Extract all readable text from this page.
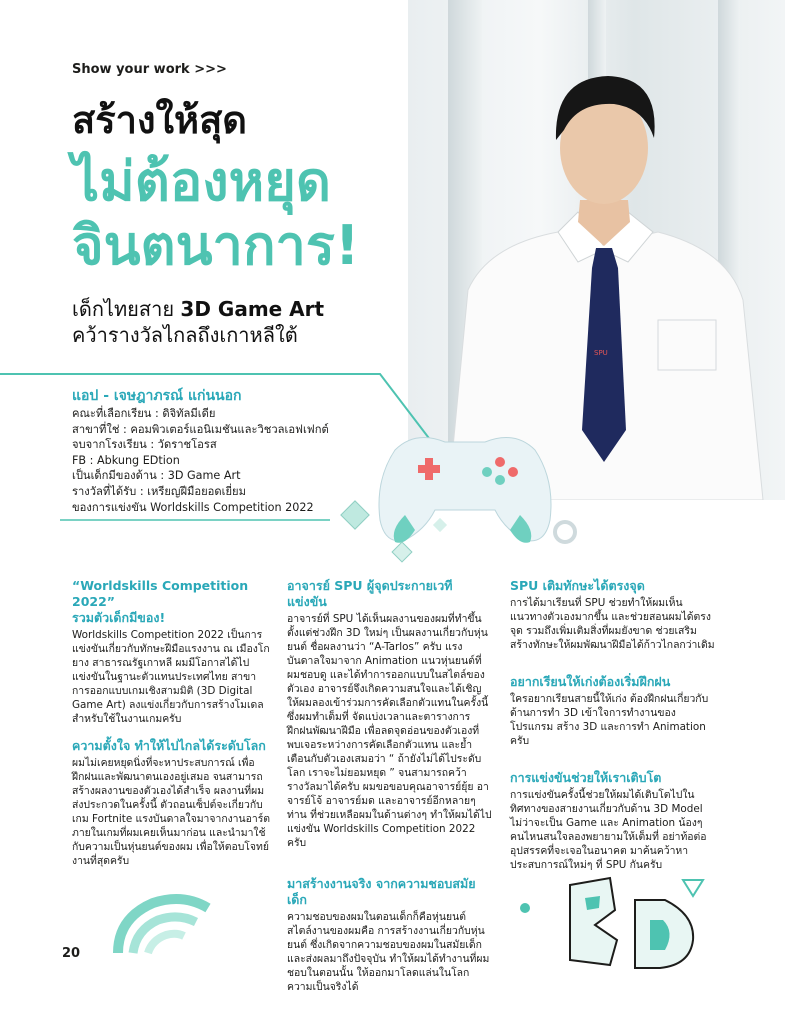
SPU
Show your work >>>
สร้างให้สุด
ไม่ต้องหยุดจินตนาการ!
เด็กไทยสาย 3D Game Art
คว้ารางวัลไกลถึงเกาหลีใต้
แอป - เจษฎาภรณ์ แก่นนอก
คณะที่เลือกเรียน : ดิจิทัลมีเดีย
สาขาที่ใช่ : คอมพิวเตอร์แอนิเมชันและวิชวลเอฟเฟกต์
จบจากโรงเรียน : วัดราชโอรส
FB : Abkung EDtion
เป็นเด็กมีของด้าน : 3D Game Art
รางวัลที่ได้รับ : เหรียญฝีมือยอดเยี่ยม
ของการแข่งขัน Worldskills Competition 2022
“Worldskills Competition 2022”
รวมตัวเด็กมีของ!

Worldskills Competition 2022 เป็นการแข่งขันเกี่ยวกับทักษะฝีมือแรงงาน ณ เมืองโกยาง สาธารณรัฐเกาหลี ผมมีโอกาสได้ไปแข่งขันในฐานะตัวแทนประเทศไทย สาขาการออกแบบเกมเชิงสามมิติ (3D Digital Game Art) ลงแข่งเกี่ยวกับการสร้างโมเดลสำหรับใช้ในงานเกมครับ

ความตั้งใจ ทำให้ไปไกลได้ระดับโลก

ผมไม่เคยหยุดนิ่งที่จะหาประสบการณ์ เพื่อฝึกฝนและพัฒนาตนเองอยู่เสมอ จนสามารถสร้างผลงานของตัวเองได้สำเร็จ ผลงานที่ผมส่งประกวดในครั้งนี้ ตัวถอนเซ็ปต์จะเกี่ยวกับเกม Fortnite แรงบันดาลใจมาจากงานอาร์ตภายในเกมที่ผมเคยเห็นมาก่อน และนำมาใช้กับความเป็นหุ่นยนต์ของผม เพื่อให้ตอบโจทย์งานที่สุดครับ

อาจารย์ SPU ผู้จุดประกายเวทีแข่งขัน

อาจารย์ที่ SPU ได้เห็นผลงานของผมที่ทำขึ้นตั้งแต่ช่วงฝึก 3D ใหม่ๆ เป็นผลงานเกี่ยวกับหุ่นยนต์ ชื่อผลงานว่า “A-Tarlos” ครับ แรงบันดาลใจมาจาก Animation แนวหุ่นยนต์ที่ผมชอบดู และได้ทำการออกแบบในสไตล์ของตัวเอง อาจารย์จึงเกิดความสนใจและได้เชิญให้ผมลองเข้าร่วมการคัดเลือกตัวแทนในครั้งนี้ ซึ่งผมทำเต็มที่ จัดแบ่งเวลาและตารางการฝึกฝนพัฒนาฝีมือ เพื่อลดจุดอ่อนของตัวเองที่พบเจอระหว่างการคัดเลือกตัวแทน และย้ำเตือนกับตัวเองเสมอว่า “ ถ้ายังไม่ได้ไประดับโลก เราจะไม่ยอมหยุด ” จนสามารถคว้ารางวัลมาได้ครับ ผมขอขอบคุณอาจารย์ยุ้ย อาจารย์โจ้ อาจารย์มด และอาจารย์อีกหลายๆ ท่าน ที่ช่วยเหลือผมในด้านต่างๆ ทำให้ผมได้ไปแข่งขัน Worldskills Competition 2022 ครับ

มาสร้างงานจริง จากความชอบสมัยเด็ก

ความชอบของผมในตอนเด็กก็คือหุ่นยนต์ สไตล์งานของผมคือ การสร้างงานเกี่ยวกับหุ่นยนต์ ซึ่งเกิดจากความชอบของผมในสมัยเด็ก และส่งผลมาถึงปัจจุบัน ทำให้ผมได้ทำงานที่ผมชอบในตอนนั้น ให้ออกมาโลดแล่นในโลกความเป็นจริงได้

SPU เติมทักษะได้ตรงจุด

การได้มาเรียนที่ SPU ช่วยทำให้ผมเห็นแนวทางตัวเองมากขึ้น และช่วยสอนผมได้ตรงจุด รวมถึงเพิ่มเติมสิ่งที่ผมยังขาด ช่วยเสริมสร้างทักษะให้ผมพัฒนาฝีมือได้ก้าวไกลกว่าเดิม

อยากเรียนให้เก่งต้องเริ่มฝึกฝน

ใครอยากเรียนสายนี้ให้เก่ง ต้องฝึกฝนเกี่ยวกับด้านการทำ 3D เข้าใจการทำงานของโปรแกรม สร้าง 3D และการทำ Animation ครับ

การแข่งขันช่วยให้เราเติบโต

การแข่งขันครั้งนี้ช่วยให้ผมได้เติบโตไปในทิศทางของสายงานเกี่ยวกับด้าน 3D Model ไม่ว่าจะเป็น Game และ Animation น้องๆ คนไหนสนใจลองพยายามให้เต็มที่ อย่าท้อต่ออุปสรรคที่จะเจอในอนาคต มาค้นคว้าหาประสบการณ์ใหม่ๆ ที่ SPU กันครับ

20
